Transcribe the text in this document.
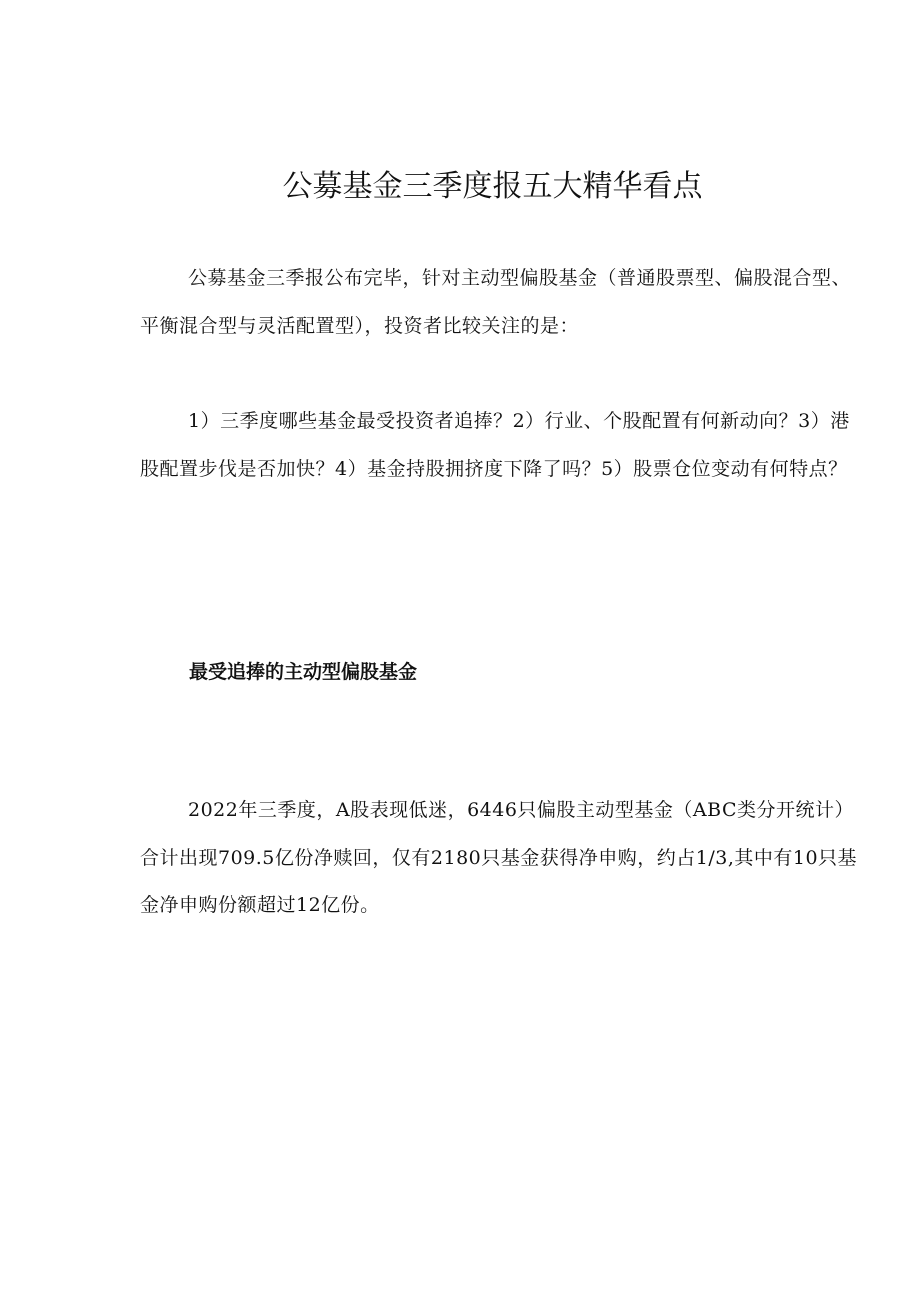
公募基金三季度报五大精华看点

公募基金三季报公布完毕，针对主动型偏股基金（普通股票型、偏股混合型、平衡混合型与灵活配置型），投资者比较关注的是：

1）三季度哪些基金最受投资者追捧？2）行业、个股配置有何新动向？3）港股配置步伐是否加快？4）基金持股拥挤度下降了吗？5）股票仓位变动有何特点？

最受追捧的主动型偏股基金

2022年三季度，A股表现低迷，6446只偏股主动型基金（ABC类分开统计）合计出现709.5亿份净赎回，仅有2180只基金获得净申购，约占1/3,其中有10只基金净申购份额超过12亿份。
